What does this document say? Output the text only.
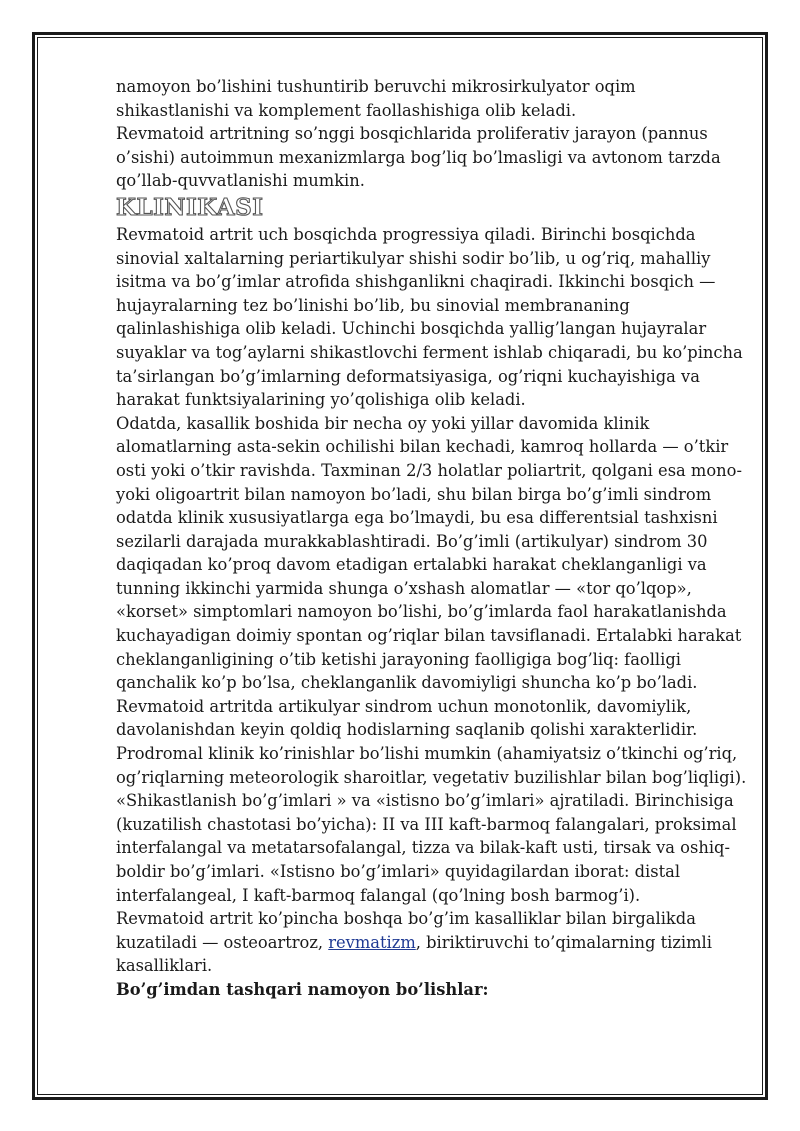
namoyon bo’lishini tushuntirib beruvchi mikrosirkulyator oqim shikastlanishi va komplement faollashishiga olib keladi.

Revmatoid artritning so’nggi bosqichlarida proliferativ jarayon (pannus o’sishi) autoimmun mexanizmlarga bog’liq bo’lmasligi va avtonom tarzda qo’llab-quvvatlanishi mumkin.

KLINIKASI

Revmatoid artrit uch bosqichda progressiya qiladi. Birinchi bosqichda sinovial xaltalarning periartikulyar shishi sodir bo’lib, u og’riq, mahalliy isitma va bo’g’imlar atrofida shishganlikni chaqiradi. Ikkinchi bosqich — hujayralarning tez bo’linishi bo’lib, bu sinovial membrananing qalinlashishiga olib keladi. Uchinchi bosqichda yallig’langan hujayralar suyaklar va tog’aylarni shikastlovchi ferment ishlab chiqaradi, bu ko’pincha ta’sirlangan bo’g’imlarning deformatsiyasiga, og’riqni kuchayishiga va harakat funktsiyalarining yo’qolishiga olib keladi.

Odatda, kasallik boshida bir necha oy yoki yillar davomida klinik alomatlarning asta-sekin ochilishi bilan kechadi, kamroq hollarda — o’tkir osti yoki o’tkir ravishda. Taxminan 2/3 holatlar poliartrit, qolgani esa mono- yoki oligoartrit bilan namoyon bo’ladi, shu bilan birga bo’g’imli sindrom odatda klinik xususiyatlarga ega bo’lmaydi, bu esa differentsial tashxisni sezilarli darajada murakkablashtiradi. Bo’g’imli (artikulyar) sindrom 30 daqiqadan ko’proq davom etadigan ertalabki harakat cheklanganligi va tunning ikkinchi yarmida shunga o’xshash alomatlar — «tor qo’lqop», «korset» simptomlari namoyon bo’lishi, bo’g’imlarda faol harakatlanishda kuchayadigan doimiy spontan og’riqlar bilan tavsiflanadi. Ertalabki harakat cheklanganligining o’tib ketishi jarayoning faolligiga bog’liq: faolligi qanchalik ko’p bo’lsa, cheklanganlik davomiyligi shuncha ko’p bo’ladi.

Revmatoid artritda artikulyar sindrom uchun monotonlik, davomiylik, davolanishdan keyin qoldiq hodislarning saqlanib qolishi xarakterlidir.

Prodromal klinik ko’rinishlar bo’lishi mumkin (ahamiyatsiz o’tkinchi og’riq, og’riqlarning meteorologik sharoitlar, vegetativ buzilishlar bilan bog’liqligi).

«Shikastlanish bo’g’imlari » va «istisno bo’g’imlari» ajratiladi. Birinchisiga (kuzatilish chastotasi bo’yicha): II va III kaft-barmoq falangalari, proksimal interfalangal va metatarsofalangal, tizza va bilak-kaft usti, tirsak va oshiq-boldir bo’g’imlari. «Istisno bo’g’imlari» quyidagilardan iborat: distal interfalangeal, I kaft-barmoq falangal (qo’lning bosh barmog’i).

Revmatoid artrit ko’pincha boshqa bo’g’im kasalliklar bilan birgalikda kuzatiladi — osteoartroz, revmatizm, biriktiruvchi to’qimalarning tizimli kasalliklari.

Bo’g’imdan tashqari namoyon bo’lishlar:
